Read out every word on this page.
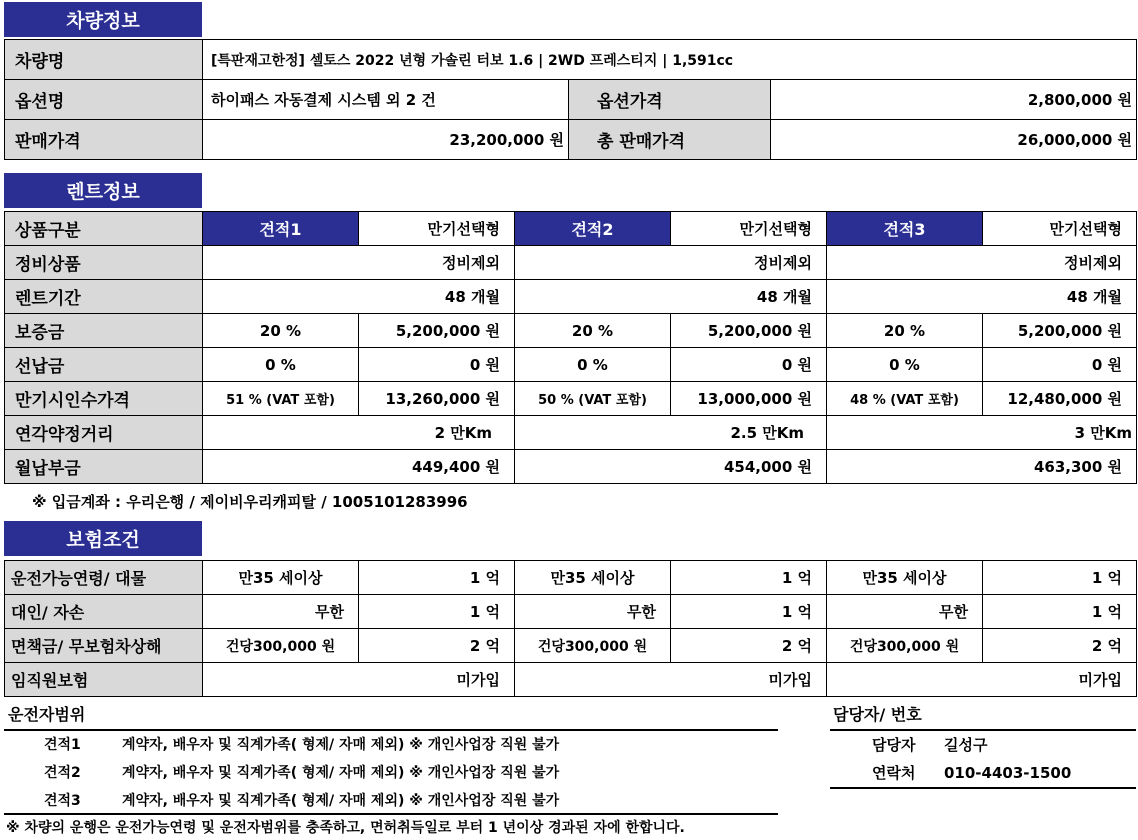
차량정보
차량명	[특판재고한정] 셀토스 2022 년형 가솔린 터보 1.6 | 2WD 프레스티지 | 1,591cc		
옵션명	하이패스 자동결제 시스템 외 2 건	옵션가격	2,800,000 원
판매가격	23,200,000 원	총 판매가격	26,000,000 원
렌트정보
상품구분	견적1	만기선택형	견적2	만기선택형	견적3	만기선택형
정비상품	정비제외		정비제외		정비제외	
렌트기간	48 개월		48 개월		48 개월	
보증금	20 %	5,200,000 원	20 %	5,200,000 원	20 %	5,200,000 원
선납금	0 %	0 원	0 %	0 원	0 %	0 원
만기시인수가격	51 % (VAT 포함)	13,260,000 원	50 % (VAT 포함)	13,000,000 원	48 % (VAT 포함)	12,480,000 원
연각약정거리	2 만Km		2.5 만Km		3 만Km	
월납부금	449,400 원		454,000 원		463,300 원	
※ 입금계좌 : 우리은행 / 제이비우리캐피탈 / 1005101283996
보험조건
운전가능연령/ 대물	만35 세이상	1 억	만35 세이상	1 억	만35 세이상	1 억
대인/ 자손	무한	1 억	무한	1 억	무한	1 억
면책금/ 무보험차상해	건당300,000 원	2 억	건당300,000 원	2 억	건당300,000 원	2 억
임직원보험	미가입		미가입		미가입	
운전자범위
견적1	계약자, 배우자 및 직계가족( 형제/ 자매 제외) ※ 개인사업장 직원 불가
견적2	계약자, 배우자 및 직계가족( 형제/ 자매 제외) ※ 개인사업장 직원 불가
견적3	계약자, 배우자 및 직계가족( 형제/ 자매 제외) ※ 개인사업장 직원 불가
담당자/ 번호
담당자 길성구
연락처 010-4403-1500
※ 차량의 운행은 운전가능연령 및 운전자범위를 충족하고, 면허취득일로 부터 1 년이상 경과된 자에 한합니다.
